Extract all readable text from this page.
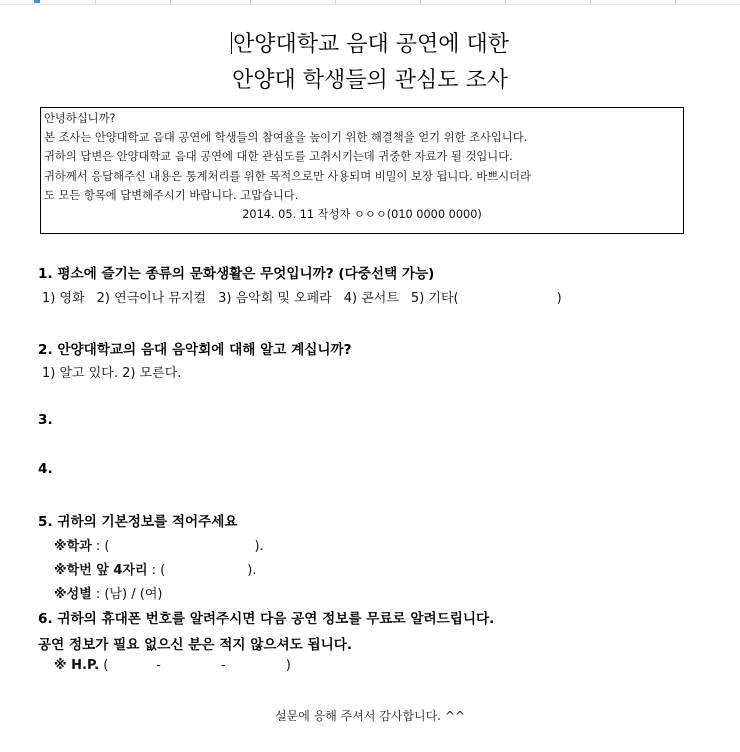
안양대학교 음대 공연에 대한
안양대 학생들의 관심도 조사
안녕하십니까?
본 조사는 안양대학교 음대 공연에 학생들의 참여율을 높이기 위한 해결책을 얻기 위한 조사입니다.
귀하의 답변은 안양대학교 음대 공연에 대한 관심도를 고취시키는데 귀중한 자료가 될 것입니다.
귀하께서 응답해주신 내용은 통계처리를 위한 목적으로만 사용되며 비밀이 보장 됩니다. 바쁘시더라
도 모든 항목에 답변해주시기 바랍니다. 고맙습니다.
2014. 05. 11 작성자 ㅇㅇㅇ(010 0000 0000)
1. 평소에 즐기는 종류의 문화생활은 무엇입니까? (다중선택 가능)
1) 영화 2) 연극이나 뮤지컬 3) 음악회 및 오페라 4) 콘서트 5) 기타(	)
2. 안양대학교의 음대 음악회에 대해 알고 계십니까?
1) 알고 있다. 2) 모른다.
3.
4.
5. 귀하의 기본정보를 적어주세요
※학과 : (	).
※학번 앞 4자리 : (	).
※성별 : (남) / (여)
6. 귀하의 휴대폰 번호를 알려주시면 다음 공연 정보를 무료로 알려드립니다.
공연 정보가 필요 없으신 분은 적지 않으셔도 됩니다.
※ H.P. (	-	-	)
설문에 응해 주셔서 감사합니다. ^^
